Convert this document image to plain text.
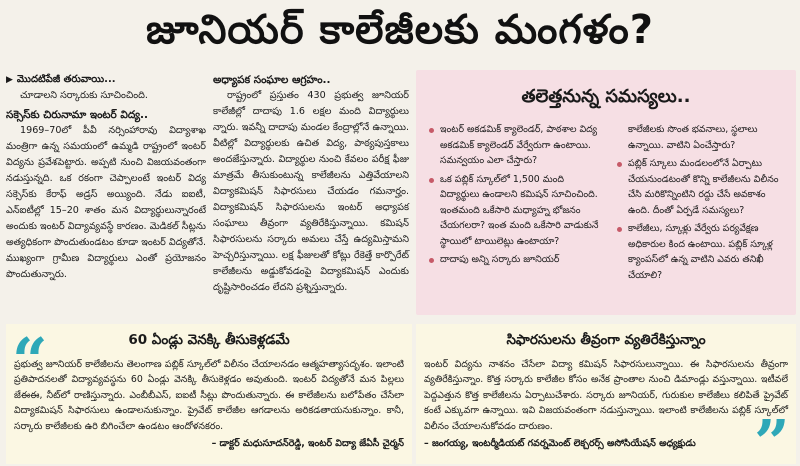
జూనియర్ కాలేజీలకు మంగళం?
▶ మొదటిపేజీ తరువాయి...

చూడాలని సర్కారుకు సూచించింది.

సక్సెస్‌కు చిరునామా ఇంటర్ విద్య..

1969–70లో పీవీ నర్సింహారావు విద్యాశాఖ మంత్రిగా ఉన్న సమయంలో ఉమ్మడి రాష్ట్రంలో ఇంటర్ విద్యను ప్రవేశపెట్టారు. అప్పటి నుంచి విజయవంతంగా నడుస్తున్నది. ఒక రకంగా చెప్పాలంటే ఇంటర్ విద్య సక్సెస్‌కు కేరాఫ్ అడ్రస్ అయ్యింది. నేడు ఐఐటీ, ఎన్ఐటీల్లో 15–20 శాతం మన విద్యార్థులున్నారంటే అందుకు ఇంటర్ విద్యావ్యవస్థే కారణం. మెడికల్ సీట్లను అత్యధికంగా పొందుతుండటం కూడా ఇంటర్ విద్యతోనే. ముఖ్యంగా గ్రామీణ విద్యార్థులు ఎంతో ప్రయోజనం పొందుతున్నారు.

అధ్యాపక సంఘాల ఆగ్రహం..

రాష్ట్రంలో ప్రస్తుతం 430 ప్రభుత్వ జూనియర్ కాలేజీల్లో దాదాపు 1.6 లక్షల మంది విద్యార్థులు న్నారు. ఇవన్నీ దాదాపు మండల కేంద్రాల్లోనే ఉన్నాయి. వీటిల్లో విద్యార్థులకు ఉచిత విద్య, పాఠ్యపుస్తకాలు అందజేస్తున్నారు. విద్యార్థుల నుంచి కేవలం పరీక్ష ఫీజు మాత్రమే తీసుకుంటున్న కాలేజీలను ఎత్తివేయాలని విద్యాకమిషన్ సిఫారసులు చేయడం గమనార్హం. విద్యాకమిషన్ సిఫారసులను ఇంటర్ అధ్యాపక సంఘాలు తీవ్రంగా వ్యతిరేకిస్తున్నాయి. కమిషన్ సిఫారసులను సర్కారు అమలు చేస్తే ఉద్యమిస్తామని హెచ్చరిస్తున్నాయి. లక్ష ఫీజులతో కోట్లు రేకెత్తే కార్పొరేట్ కాలేజీలను అడ్డుకోవడంపై విద్యాకమిషన్ ఎందుకు దృష్టిసారించడం లేదని ప్రశ్నిస్తున్నారు.

తలెత్తనున్న సమస్యలు..
ఇంటర్ అకడమిక్ క్యాలెండర్, పాఠశాల విద్య అకడమిక్ క్యాలెండర్ వేర్వేరుగా ఉంటాయి. సమన్వయం ఎలా చేస్తారు?
ఒక పబ్లిక్ స్కూల్‌లో 1,500 మంది విద్యార్థులు ఉండాలని కమిషన్ సూచించింది. ఇంతమంది ఒకేసారి మధ్యాహ్న భోజనం చేయగలరా? ఇంత మంది ఒకేసారి వాడుకునే స్థాయిలో టాయిలెట్లు ఉంటాయా?
దాదాపు అన్ని సర్కారు జూనియర్
కాలేజీలకు సొంత భవనాలు, స్థలాలు ఉన్నాయి. వాటిని ఏంచేస్తారు?
పబ్లిక్ స్కూలు మండలంలోనే ఏర్పాటు చేయనుండటంతో కొన్ని కాలేజీలను విలీనం చేసి మరికొన్నింటిని రద్దు చేసే అవకాశం ఉంది. దీంతో ఏర్పడే సమస్యలు?
కాలేజీలు, స్కూళ్లు వేర్వేరు పర్యవేక్షణ అధికారుల కింద ఉంటాయి. పబ్లిక్ స్కూళ్ల క్యాంపస్‌లో ఉన్న వాటిని ఎవరు తనిఖీ చేయాలి?
60 ఏండ్లు వెనక్కి తీసుకెళ్లడమే
ప్రభుత్వ జూనియర్ కాలేజీలను తెలంగాణ పబ్లిక్ స్కూల్‌లో విలీనం చేయాలనడం ఆత్మహత్యాసదృశం. ఇలాంటి ప్రతిపాదనలతో విద్యావ్యవస్థను 60 ఏండ్లు వెనక్కి తీసుకెళ్లడం అవుతుంది. ఇంటర్ విద్యతోనే మన పిల్లలు జేఈఈ, నీట్‌లో రాణిస్తున్నారు. ఎంబీబీఎస్, ఐఐటీ సీట్లు పొందుతున్నారు. ఈ కాలేజీలను బలోపేతం చేసేలా విద్యాకమిషన్ సిఫారసులు ఉండాలనుకున్నాం. ప్రైవేట్ కాలేజీల ఆగడాలను అరికడతాయనుకున్నాం. కానీ, సర్కారు కాలేజీలకు ఉరి బిగించేలా ఉండటం ఆందోళనకరం.
– డాక్టర్ మధుసూదన్‌రెడ్డి, ఇంటర్ విద్యా జేఏసీ చైర్మన్
సిఫారసులను తీవ్రంగా వ్యతిరేకిస్తున్నాం
ఇంటర్ విద్యను నాశనం చేసేలా విద్యా కమిషన్ సిఫారసులున్నాయి. ఈ సిఫారసులను తీవ్రంగా వ్యతిరేకిస్తున్నాం. కొత్త సర్కారు కాలేజీల కోసం అనేక ప్రాంతాల నుంచి డిమాండ్లు వస్తున్నాయి. ఇటీవలే పెద్దఎత్తున కొత్త కాలేజీలను ఏర్పాటుచేశారు. సర్కారు జూనియర్, గురుకుల కాలేజీలు కలిపితే ప్రైవేట్ కంటే ఎక్కువగా ఉన్నాయి. ఇవి విజయవంతంగా నడుస్తున్నాయి. ఇలాంటి కాలేజీలను పబ్లిక్ స్కూల్‌లో విలీనం చేయాలనుకోవడం దారుణం.
– జంగయ్య, ఇంటర్మీడియట్ గవర్నమెంట్ లెక్చరర్స్ అసోసియేషన్ అధ్యక్షుడు
“
”
